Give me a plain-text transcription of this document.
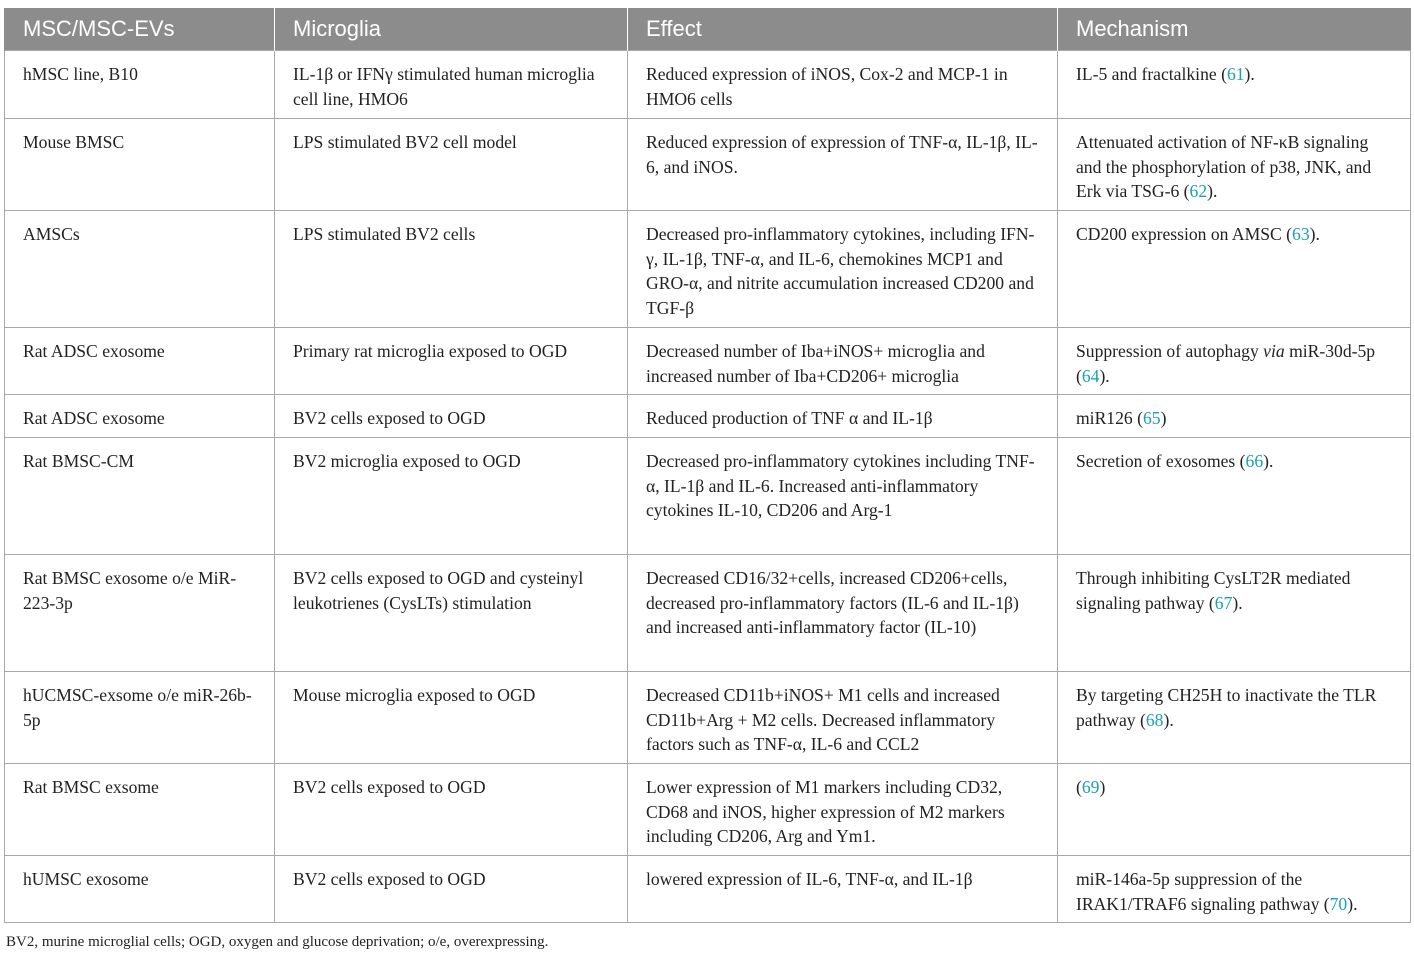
MSC/MSC-EVs	Microglia	Effect	Mechanism
hMSC line, B10	IL-1β or IFNγ stimulated human microglia cell line, HMO6	Reduced expression of iNOS, Cox-2 and MCP-1 in HMO6 cells	IL-5 and fractalkine (61).
Mouse BMSC	LPS stimulated BV2 cell model	Reduced expression of expression of TNF-α, IL-1β, IL-6, and iNOS.	Attenuated activation of NF-κB signaling and the phosphorylation of p38, JNK, and Erk via TSG-6 (62).
AMSCs	LPS stimulated BV2 cells	Decreased pro-inflammatory cytokines, including IFN-γ, IL-1β, TNF-α, and IL-6, chemokines MCP1 and GRO-α, and nitrite accumulation increased CD200 and TGF-β	CD200 expression on AMSC (63).
Rat ADSC exosome	Primary rat microglia exposed to OGD	Decreased number of Iba+iNOS+ microglia and increased number of Iba+CD206+ microglia	Suppression of autophagy via miR-30d-5p (64).
Rat ADSC exosome	BV2 cells exposed to OGD	Reduced production of TNF α and IL-1β	miR126 (65)
Rat BMSC-CM	BV2 microglia exposed to OGD	Decreased pro-inflammatory cytokines including TNF- α, IL-1β and IL-6. Increased anti-inflammatory cytokines IL-10, CD206 and Arg-1	Secretion of exosomes (66).
Rat BMSC exosome o/e MiR-223-3p	BV2 cells exposed to OGD and cysteinyl leukotrienes (CysLTs) stimulation	Decreased CD16/32+cells, increased CD206+cells, decreased pro-inflammatory factors (IL-6 and IL-1β) and increased anti-inflammatory factor (IL-10)	Through inhibiting CysLT2R mediated signaling pathway (67).
hUCMSC-exsome o/e miR-26b-5p	Mouse microglia exposed to OGD	Decreased CD11b+iNOS+ M1 cells and increased CD11b+Arg + M2 cells. Decreased inflammatory factors such as TNF-α, IL-6 and CCL2	By targeting CH25H to inactivate the TLR pathway (68).
Rat BMSC exsome	BV2 cells exposed to OGD	Lower expression of M1 markers including CD32, CD68 and iNOS, higher expression of M2 markers including CD206, Arg and Ym1.	(69)
hUMSC exosome	BV2 cells exposed to OGD	lowered expression of IL-6, TNF-α, and IL-1β	miR-146a-5p suppression of the IRAK1/TRAF6 signaling pathway (70).
BV2, murine microglial cells; OGD, oxygen and glucose deprivation; o/e, overexpressing.
